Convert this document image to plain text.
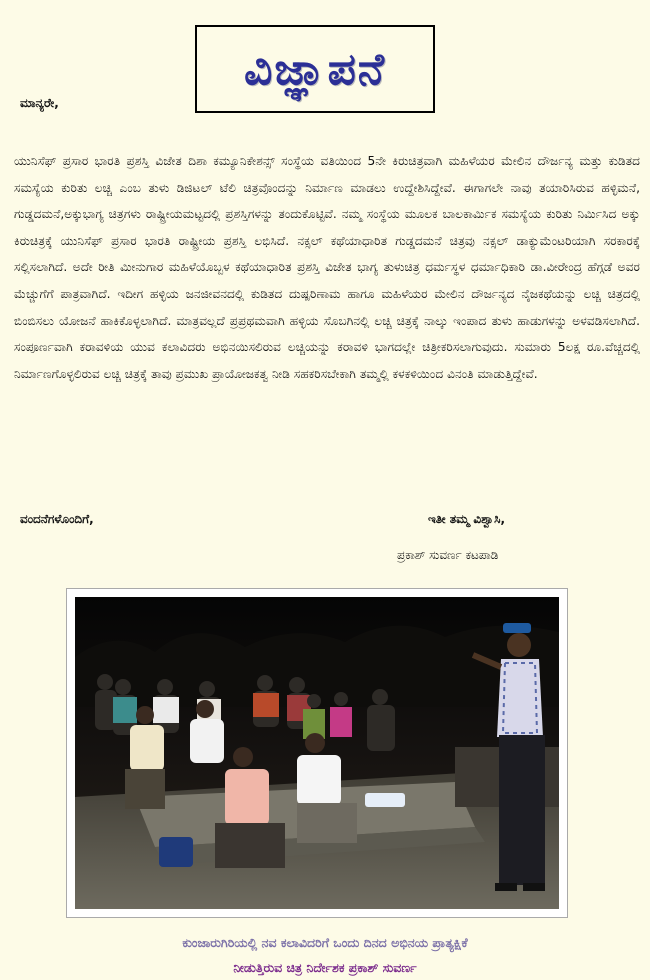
ವಿಜ್ಞಾಪನೆ
ಮಾನ್ಯರೇ,

ಯುನಿಸೆಫ್ ಪ್ರಸಾರ ಭಾರತಿ ಪ್ರಶಸ್ತಿ ವಿಜೇತ ದಿಶಾ ಕಮ್ಯೂನಿಕೇಶನ್ಸ್ ಸಂಸ್ಥೆಯ ವತಿಯಿಂದ 5ನೇ ಕಿರುಚಿತ್ರವಾಗಿ ಮಹಿಳೆಯರ ಮೇಲಿನ ದೌರ್ಜನ್ಯ ಮತ್ತು ಕುಡಿತದ ಸಮಸ್ಯೆಯ ಕುರಿತು ಲಚ್ಚಿ ಎಂಬ ತುಳು ಡಿಜಿಟಲ್ ಟೆಲಿ ಚಿತ್ರವೊಂದನ್ನು ನಿರ್ಮಾಣ ಮಾಡಲು ಉದ್ದೇಶಿಸಿದ್ದೇವೆ. ಈಗಾಗಲೇ ನಾವು ತಯಾರಿಸಿರುವ ಹಳ್ಳಿಮನೆ, ಗುಡ್ಡದಮನೆ,ಅಕ್ಕುಭಾಗ್ಯ ಚಿತ್ರಗಳು ರಾಷ್ಟ್ರೀಯಮಟ್ಟದಲ್ಲಿ ಪ್ರಶಸ್ತಿಗಳನ್ನು ತಂದುಕೊಟ್ಟಿವೆ. ನಮ್ಮ ಸಂಸ್ಥೆಯ ಮೂಲಕ ಬಾಲಕಾರ್ಮಿಕ ಸಮಸ್ಯೆಯ ಕುರಿತು ನಿರ್ಮಿಸಿದ ಅಕ್ಕು ಕಿರುಚಿತ್ರಕ್ಕೆ ಯುನಿಸೆಫ್ ಪ್ರಸಾರ ಭಾರತಿ ರಾಷ್ಟ್ರೀಯ ಪ್ರಶಸ್ತಿ ಲಭಿಸಿದೆ. ನಕ್ಸಲ್ ಕಥೆಯಾಧಾರಿತ ಗುಡ್ಡದಮನೆ ಚಿತ್ರವು ನಕ್ಸಲ್ ಡಾಕ್ಯುಮೆಂಟರಿಯಾಗಿ ಸರಕಾರಕ್ಕೆ ಸಲ್ಲಿಸಲಾಗಿದೆ. ಅದೇ ರೀತಿ ಮೀನುಗಾರ ಮಹಿಳೆಯೊಬ್ಬಳ ಕಥೆಯಾಧಾರಿತ ಪ್ರಶಸ್ತಿ ವಿಜೇತ ಭಾಗ್ಯ ತುಳುಚಿತ್ರ ಧರ್ಮಸ್ಥಳ ಧರ್ಮಾಧಿಕಾರಿ ಡಾ.ವೀರೇಂದ್ರ ಹೆಗ್ಗಡೆ ಅವರ ಮೆಚ್ಚುಗೆಗೆ ಪಾತ್ರವಾಗಿದೆ. ಇದೀಗ ಹಳ್ಳಿಯ ಜನಜೀವನದಲ್ಲಿ ಕುಡಿತದ ದುಷ್ಪರಿಣಾಮ ಹಾಗೂ ಮಹಿಳೆಯರ ಮೇಲಿನ ದೌರ್ಜನ್ಯದ ನೈಜಕಥೆಯನ್ನು ಲಚ್ಚಿ ಚಿತ್ರದಲ್ಲಿ ಬಿಂಬಿಸಲು ಯೋಜನೆ ಹಾಕಿಕೊಳ್ಳಲಾಗಿದೆ. ಮಾತ್ರವಲ್ಲದೆ ಪ್ರಪ್ರಥಮವಾಗಿ ಹಳ್ಳಿಯ ಸೊಬಗಿನಲ್ಲಿ ಲಚ್ಚಿ ಚಿತ್ರಕ್ಕೆ ನಾಲ್ಕು ಇಂಪಾದ ತುಳು ಹಾಡುಗಳನ್ನು ಅಳವಡಿಸಲಾಗಿದೆ. ಸಂಪೂರ್ಣವಾಗಿ ಕರಾವಳಿಯ ಯುವ ಕಲಾವಿದರು ಅಭಿನಯಿಸಲಿರುವ ಲಚ್ಚಿಯನ್ನು ಕರಾವಳಿ ಭಾಗದಲ್ಲೇ ಚಿತ್ರೀಕರಿಸಲಾಗುವುದು. ಸುಮಾರು 5ಲಕ್ಷ ರೂ.ವೆಚ್ಚದಲ್ಲಿ ನಿರ್ಮಾಣಗೊಳ್ಳಲಿರುವ ಲಚ್ಚಿ ಚಿತ್ರಕ್ಕೆ ತಾವು ಪ್ರಮುಖ ಪ್ರಾಯೋಜಕತ್ವ ನೀಡಿ ಸಹಕರಿಸಬೇಕಾಗಿ ತಮ್ಮಲ್ಲಿ ಕಳಕಳಿಯಿಂದ ವಿನಂತಿ ಮಾಡುತ್ತಿದ್ದೇವೆ.

ವಂದನೆಗಳೊಂದಿಗೆ,	ಇತೀ ತಮ್ಮ ವಿಶ್ವಾಸಿ,
ಪ್ರಕಾಶ್ ಸುವರ್ಣ ಕಟಪಾಡಿ
ಕುಂಜಾರುಗಿರಿಯಲ್ಲಿ ನವ ಕಲಾವಿದರಿಗೆ ಒಂದು ದಿನದ ಅಭಿನಯ ಪ್ರಾತ್ಯಕ್ಷಿಕೆ
ನೀಡುತ್ತಿರುವ ಚಿತ್ರ ನಿರ್ದೇಶಕ ಪ್ರಕಾಶ್ ಸುವರ್ಣ
